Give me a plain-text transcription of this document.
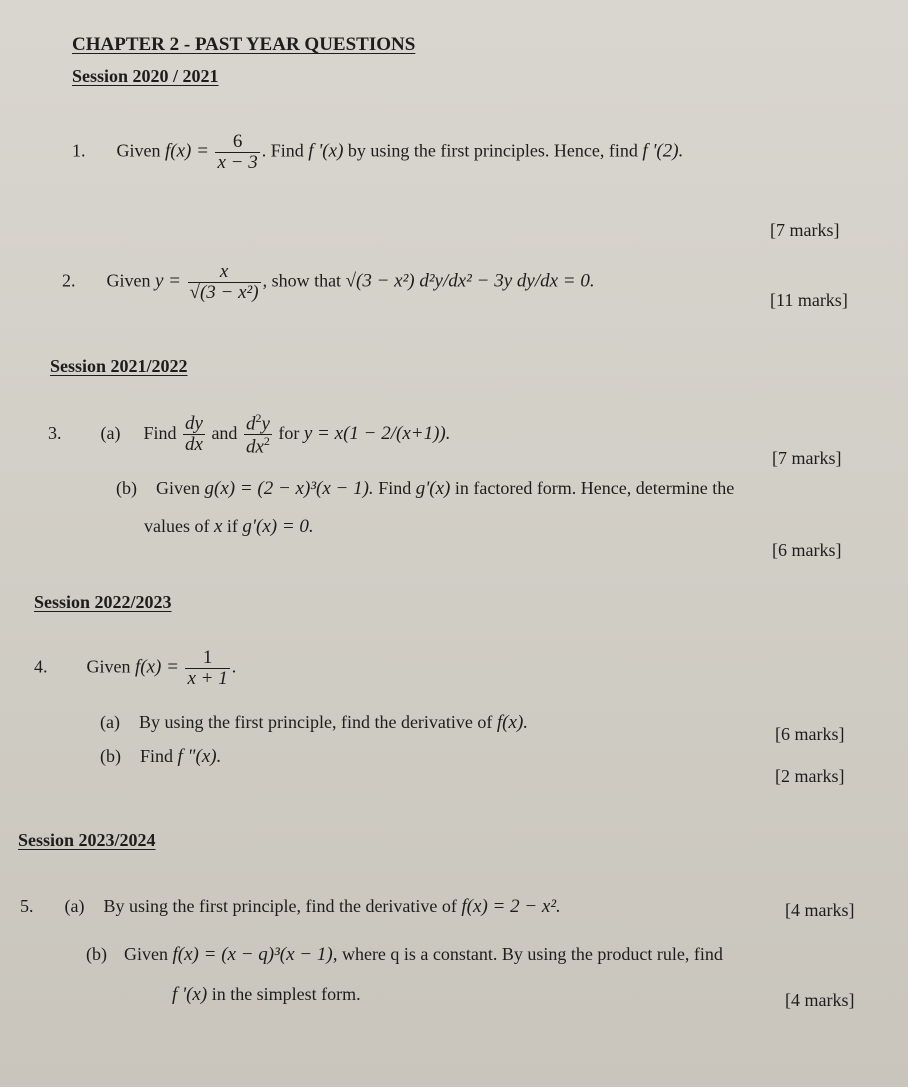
CHAPTER 2 - PAST YEAR QUESTIONS
Session 2020 / 2021
1. Given $f(x) = \frac{6}{x - 3}$ . Find f '(x) by using the first principles. Hence, find f '(2).
[7 marks]
2. Given $y = \frac{x}{\text{√(3 − x²)}}$ , show that √(3 − x²) d²y/dx² − 3y dy/dx = 0.
[11 marks]
Session 2021/2022
3. (a) Find $\frac{dy}{dx}$ and $\frac{d^2y}{dx^2}$ for y = x(1 − 2/(x+1)).
[7 marks]
(b) Given g(x) = (2 − x)³(x − 1). Find g'(x) in factored form. Hence, determine the
values of x if g'(x) = 0.
[6 marks]
Session 2022/2023
4. Given $f(x) = \frac{1}{x + 1}$ .
(a) By using the first principle, find the derivative of f(x).
[6 marks]
(b) Find f "(x).
[2 marks]
Session 2023/2024
5. (a) By using the first principle, find the derivative of f(x) = 2 − x².	[4 marks]
(b) Given f(x) = (x − q)³(x − 1), where q is a constant. By using the product rule, find
f '(x) in the simplest form.	[4 marks]
